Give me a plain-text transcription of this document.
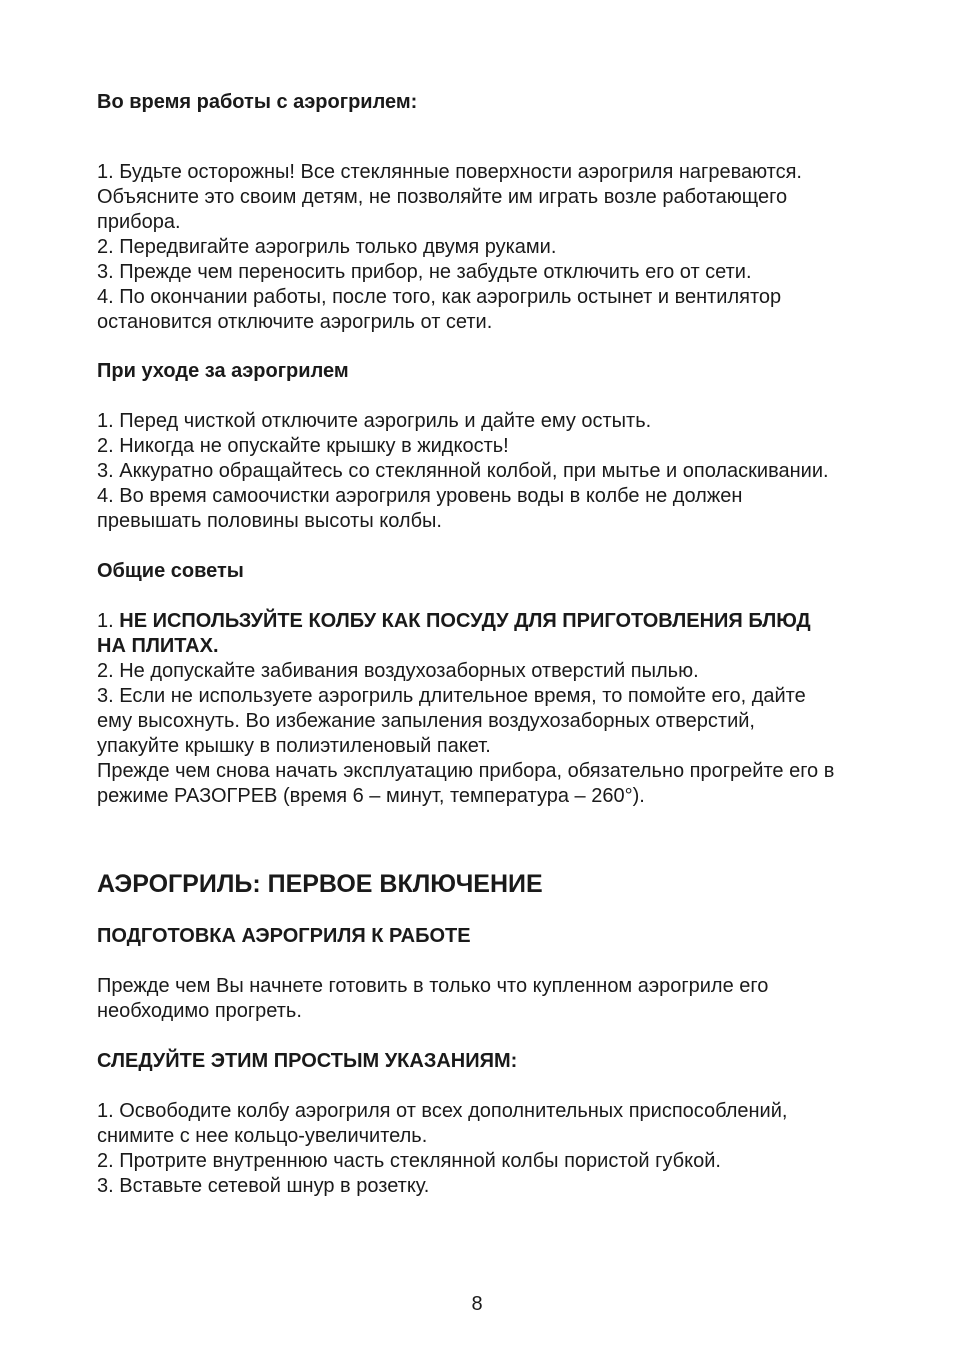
Во время работы с аэрогрилем:

1. Будьте осторожны! Все стеклянные поверхности аэрогриля нагреваются. Объясните это своим детям, не позволяйте им играть возле работающего прибора.

2. Передвигайте аэрогриль только двумя руками.

3. Прежде чем переносить прибор, не забудьте отключить его от сети.

4. По окончании работы, после того, как аэрогриль остынет и вентилятор остановится отключите аэрогриль от сети.

При уходе за аэрогрилем

1. Перед чисткой отключите аэрогриль и дайте ему остыть.

2. Никогда не опускайте крышку в жидкость!

3. Аккуратно обращайтесь со стеклянной колбой, при мытье и ополаскивании.

4. Во время самоочистки аэрогриля уровень воды в колбе не должен превышать половины высоты колбы.

Общие советы

1. НЕ ИСПОЛЬЗУЙТЕ КОЛБУ КАК ПОСУДУ ДЛЯ ПРИГОТОВЛЕНИЯ БЛЮД НА ПЛИТАХ.

2. Не допускайте забивания воздухозаборных отверстий пылью.

3. Если не используете аэрогриль длительное время, то помойте его, дайте ему высохнуть. Во избежание запыления воздухозаборных отверстий, упакуйте крышку в полиэтиленовый пакет.

Прежде чем снова начать эксплуатацию прибора, обязательно прогрейте его в режиме РАЗОГРЕВ (время 6 – минут, температура – 260°).

АЭРОГРИЛЬ: ПЕРВОЕ ВКЛЮЧЕНИЕ

ПОДГОТОВКА АЭРОГРИЛЯ К РАБОТЕ

Прежде чем Вы начнете готовить в только что купленном аэрогриле его необходимо прогреть.

СЛЕДУЙТЕ ЭТИМ ПРОСТЫМ УКАЗАНИЯМ:

1. Освободите колбу аэрогриля от всех дополнительных приспособлений, снимите с нее кольцо-увеличитель.

2. Протрите внутреннюю часть стеклянной колбы пористой губкой.

3. Вставьте сетевой шнур в розетку.

8
